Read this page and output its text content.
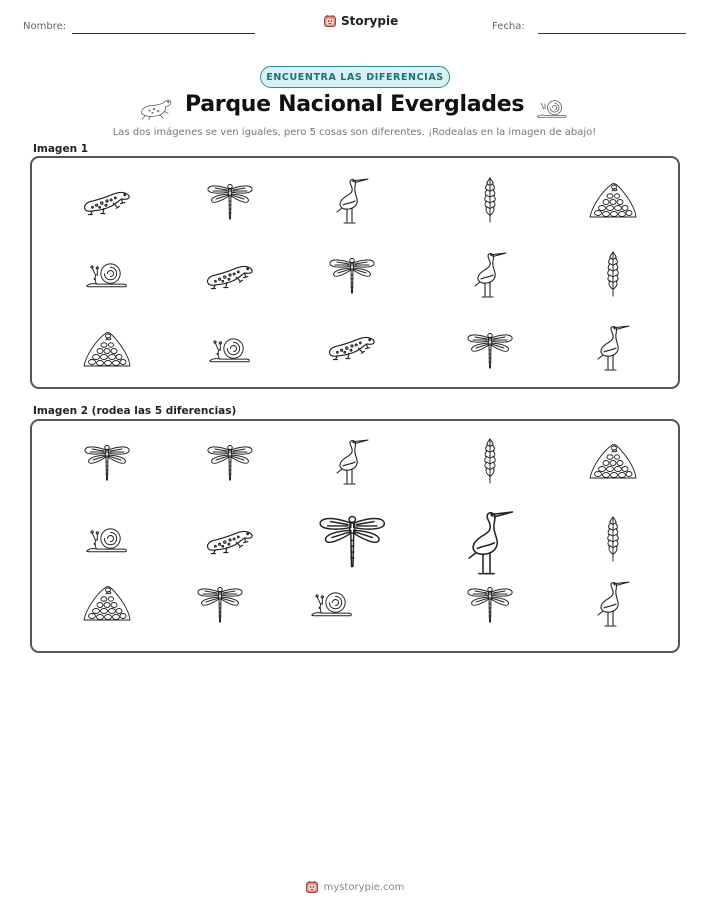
Nombre:	Storypie	Fecha:
ENCUENTRA LAS DIFERENCIAS
Parque Nacional Everglades
Las dos imágenes se ven iguales, pero 5 cosas son diferentes. ¡Rodealas en la imagen de abajo!
Imagen 1
Imagen 2 (rodea las 5 diferencias)
mystorypie.com
